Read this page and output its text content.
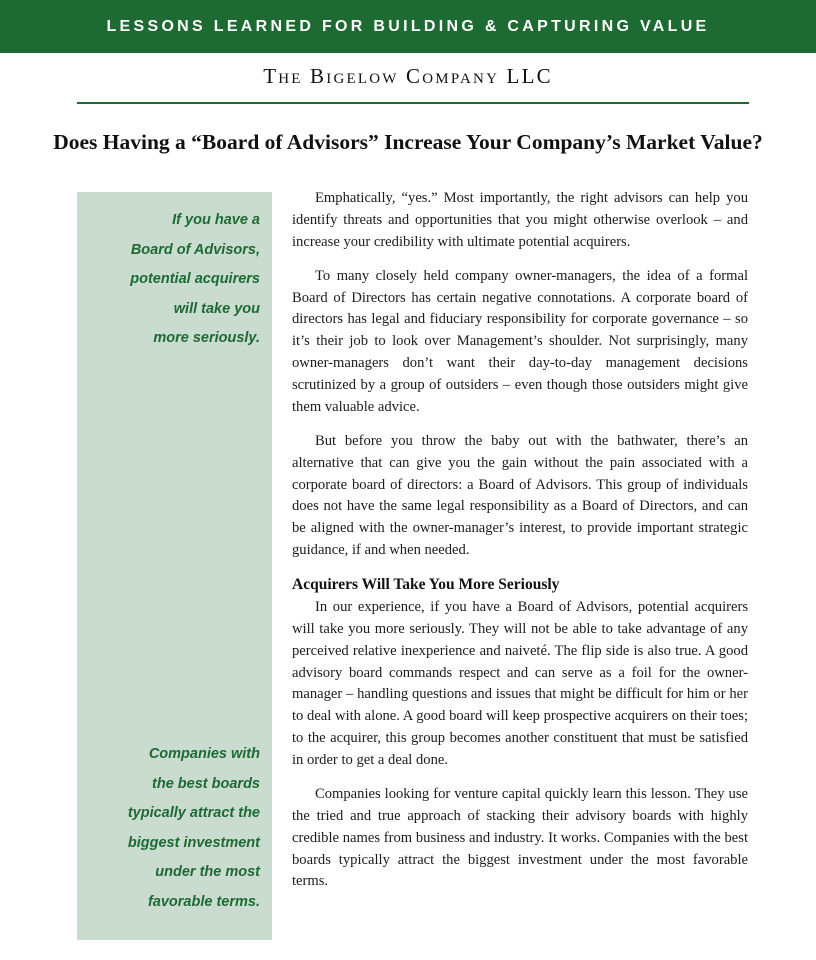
LESSONS LEARNED FOR BUILDING & CAPTURING VALUE
The Bigelow Company LLC
Does Having a “Board of Advisors” Increase Your Company’s Market Value?
If you have a
Board of Advisors,
potential acquirers
will take you
more seriously.
Companies with
the best boards
typically attract the
biggest investment
under the most
favorable terms.

Emphatically, “yes.” Most importantly, the right advisors can help you identify threats and opportunities that you might otherwise overlook – and increase your credibility with ultimate potential acquirers.

To many closely held company owner-managers, the idea of a formal Board of Directors has certain negative connotations. A corporate board of directors has legal and fiduciary responsibility for corporate governance – so it’s their job to look over Management’s shoulder. Not surprisingly, many owner-managers don’t want their day-to-day management decisions scrutinized by a group of outsiders – even though those outsiders might give them valuable advice.

But before you throw the baby out with the bathwater, there’s an alternative that can give you the gain without the pain associated with a corporate board of directors: a Board of Advisors. This group of individuals does not have the same legal responsibility as a Board of Directors, and can be aligned with the owner-manager’s interest, to provide important strategic guidance, if and when needed.

Acquirers Will Take You More Seriously

In our experience, if you have a Board of Advisors, potential acquirers will take you more seriously. They will not be able to take advantage of any perceived relative inexperience and naiveté. The flip side is also true. A good advisory board commands respect and can serve as a foil for the owner-manager – handling questions and issues that might be difficult for him or her to deal with alone. A good board will keep prospective acquirers on their toes; to the acquirer, this group becomes another constituent that must be satisfied in order to get a deal done.

Companies looking for venture capital quickly learn this lesson. They use the tried and true approach of stacking their advisory boards with highly credible names from business and industry. It works. Companies with the best boards typically attract the biggest investment under the most favorable terms.
